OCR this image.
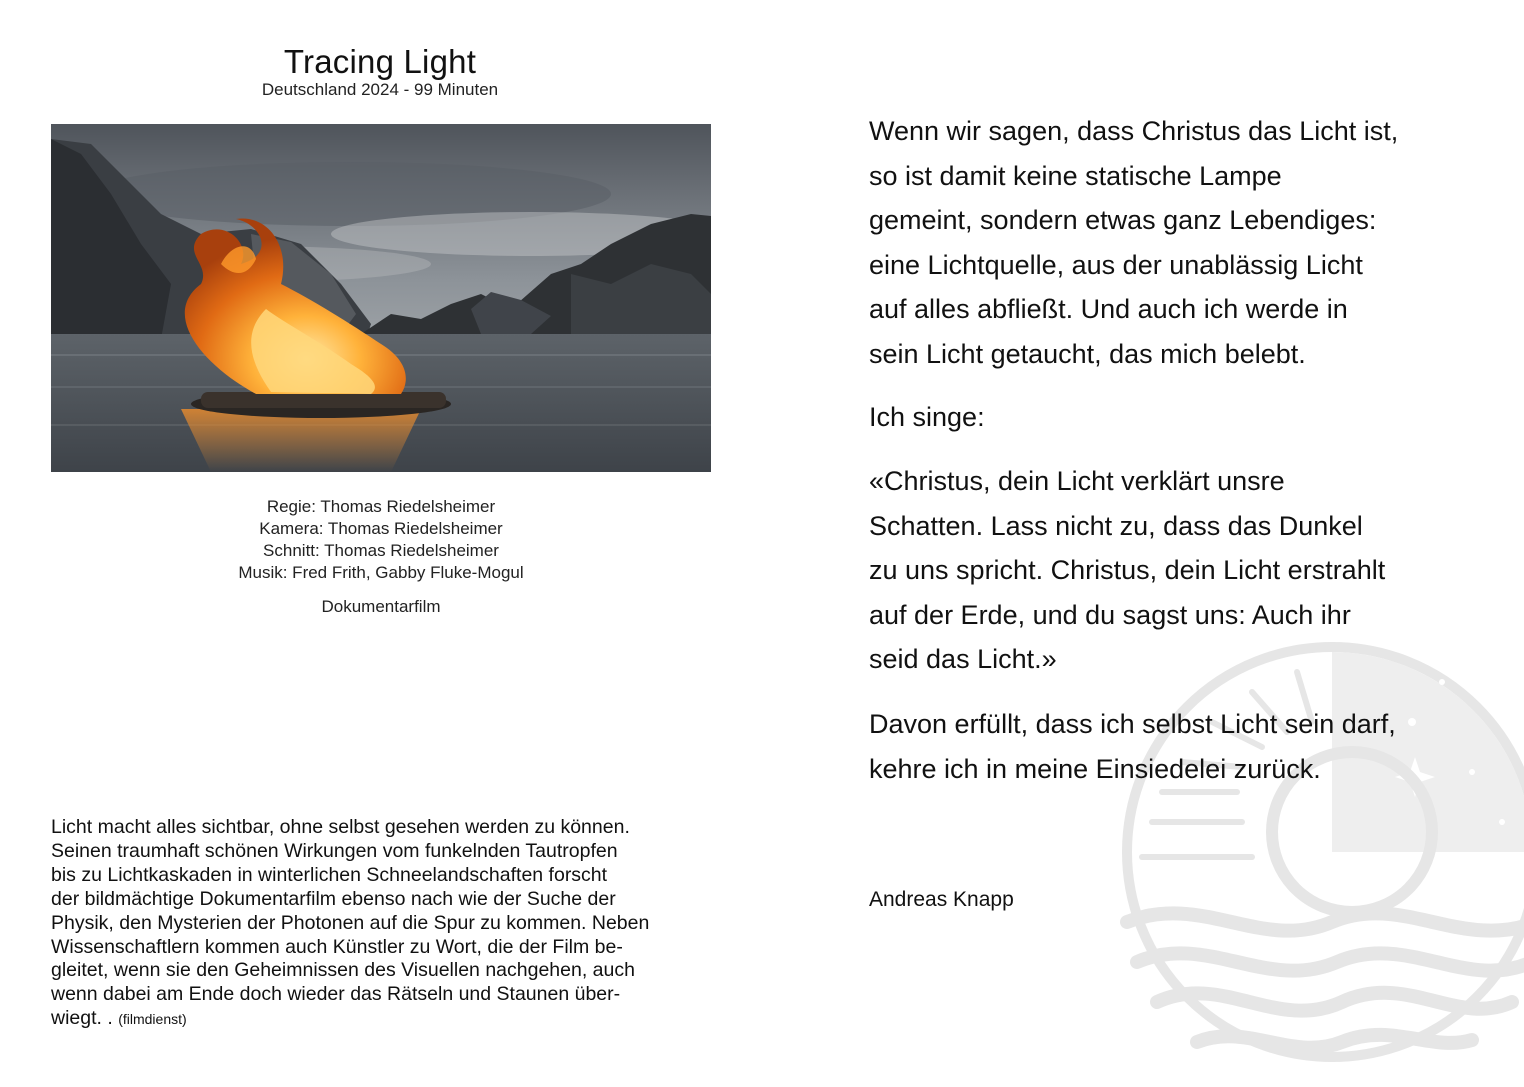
Tracing Light
Deutschland 2024 - 99 Minuten
Regie: Thomas Riedelsheimer
Kamera: Thomas Riedelsheimer
Schnitt: Thomas Riedelsheimer
Musik: Fred Frith, Gabby Fluke-Mogul
Dokumentarfilm
Licht macht alles sichtbar, ohne selbst gesehen werden zu können.
Seinen traumhaft schönen Wirkungen vom funkelnden Tautropfen
bis zu Lichtkaskaden in winterlichen Schneelandschaften forscht
der bildmächtige Dokumentarfilm ebenso nach wie der Suche der
Physik, den Mysterien der Photonen auf die Spur zu kommen. Neben
Wissenschaftlern kommen auch Künstler zu Wort, die der Film be-
gleitet, wenn sie den Geheimnissen des Visuellen nachgehen, auch
wenn dabei am Ende doch wieder das Rätseln und Staunen über-
wiegt. . (filmdienst)

Wenn wir sagen, dass Christus das Licht ist,
so ist damit keine statische Lampe
gemeint, sondern etwas ganz Lebendiges:
eine Lichtquelle, aus der unablässig Licht
auf alles abfließt. Und auch ich werde in
sein Licht getaucht, das mich belebt.

Ich singe:

«Christus, dein Licht verklärt unsre
Schatten. Lass nicht zu, dass das Dunkel
zu uns spricht. Christus, dein Licht erstrahlt
auf der Erde, und du sagst uns: Auch ihr
seid das Licht.»

Davon erfüllt, dass ich selbst Licht sein darf,
kehre ich in meine Einsiedelei zurück.

Andreas Knapp
